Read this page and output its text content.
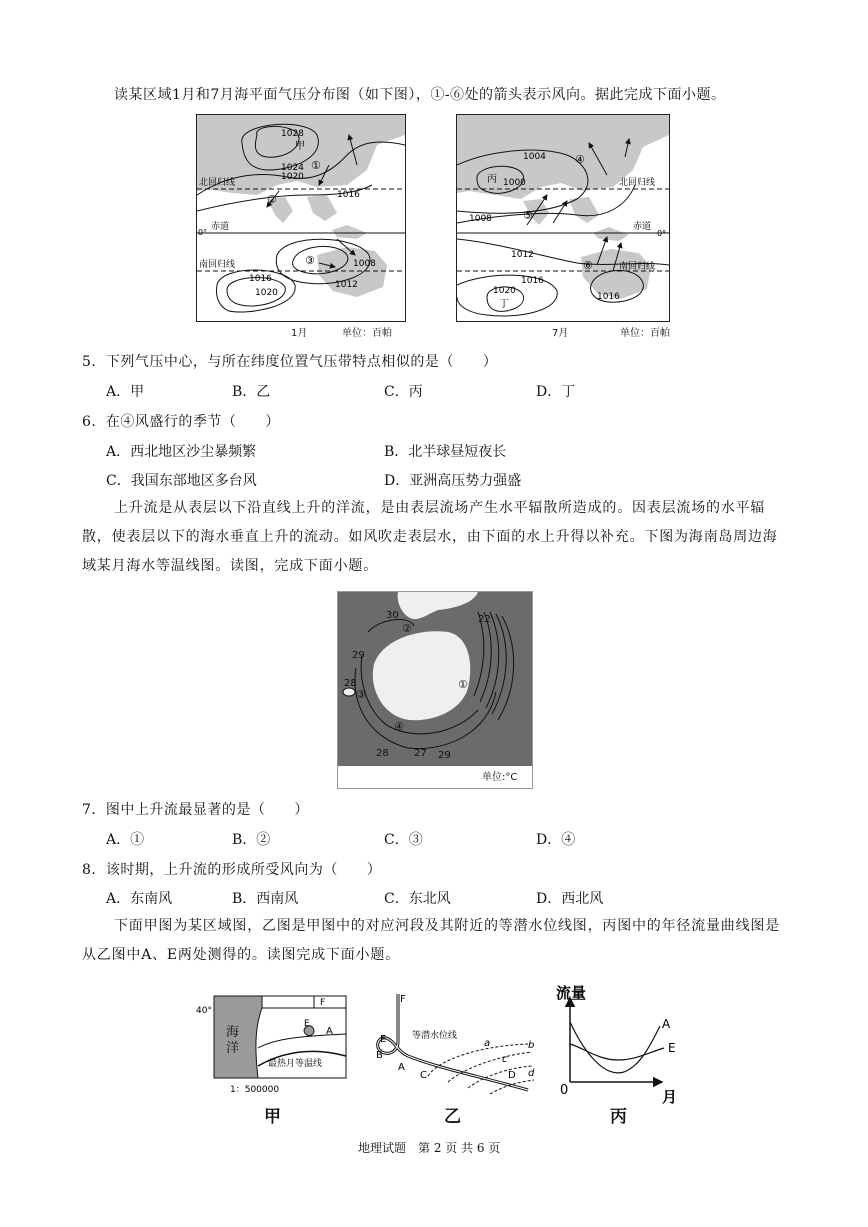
读某区域1月和7月海平面气压分布图（如下图），①-⑥处的箭头表示风向。据此完成下面小题。
1028
甲
1024
1020
①
北回归线
1016
②
赤道
0°
南回归线	③	1008
1016
1012
1020
1月	单位：百帕
1004	④
丙 1000	北回归线
⑤
1008
赤道
0°
1012
⑥	南回归线
1020
1016
丁
1016
7月	单位：百帕
5．下列气压中心，与所在纬度位置气压带特点相似的是（　　）
A．甲	B．乙	C．丙	D．丁
6．在④风盛行的季节（　　）
A．西北地区沙尘暴频繁	B．北半球昼短夜长
C．我国东部地区多台风	D．亚洲高压势力强盛
上升流是从表层以下沿直线上升的洋流，是由表层流场产生水平辐散所造成的。因表层流场的水平辐散，使表层以下的海水垂直上升的流动。如风吹走表层水，由下面的水上升得以补充。下图为海南岛周边海域某月海水等温线图。读图，完成下面小题。
30	22
②
29
28
③
①
④
28	27 29
单位:°C
7．图中上升流最显著的是（　　）
A．①	B．②	C．③	D．④
8．该时期，上升流的形成所受风向为（　　）
A．东南风	B．西南风	C．东北风	D．西北风
下面甲图为某区域图，乙图是甲图中的对应河段及其附近的等潜水位线图，丙图中的年径流量曲线图是从乙图中A、E两处测得的。读图完成下面小题。
40°
海
洋
最热月等温线
F
E
A
1：500000
甲
F
E
B
A
C	D
等潜水位线
a	b
c
d
乙
流量
月
0
A
E
丙
地理试题　第 2 页 共 6 页
